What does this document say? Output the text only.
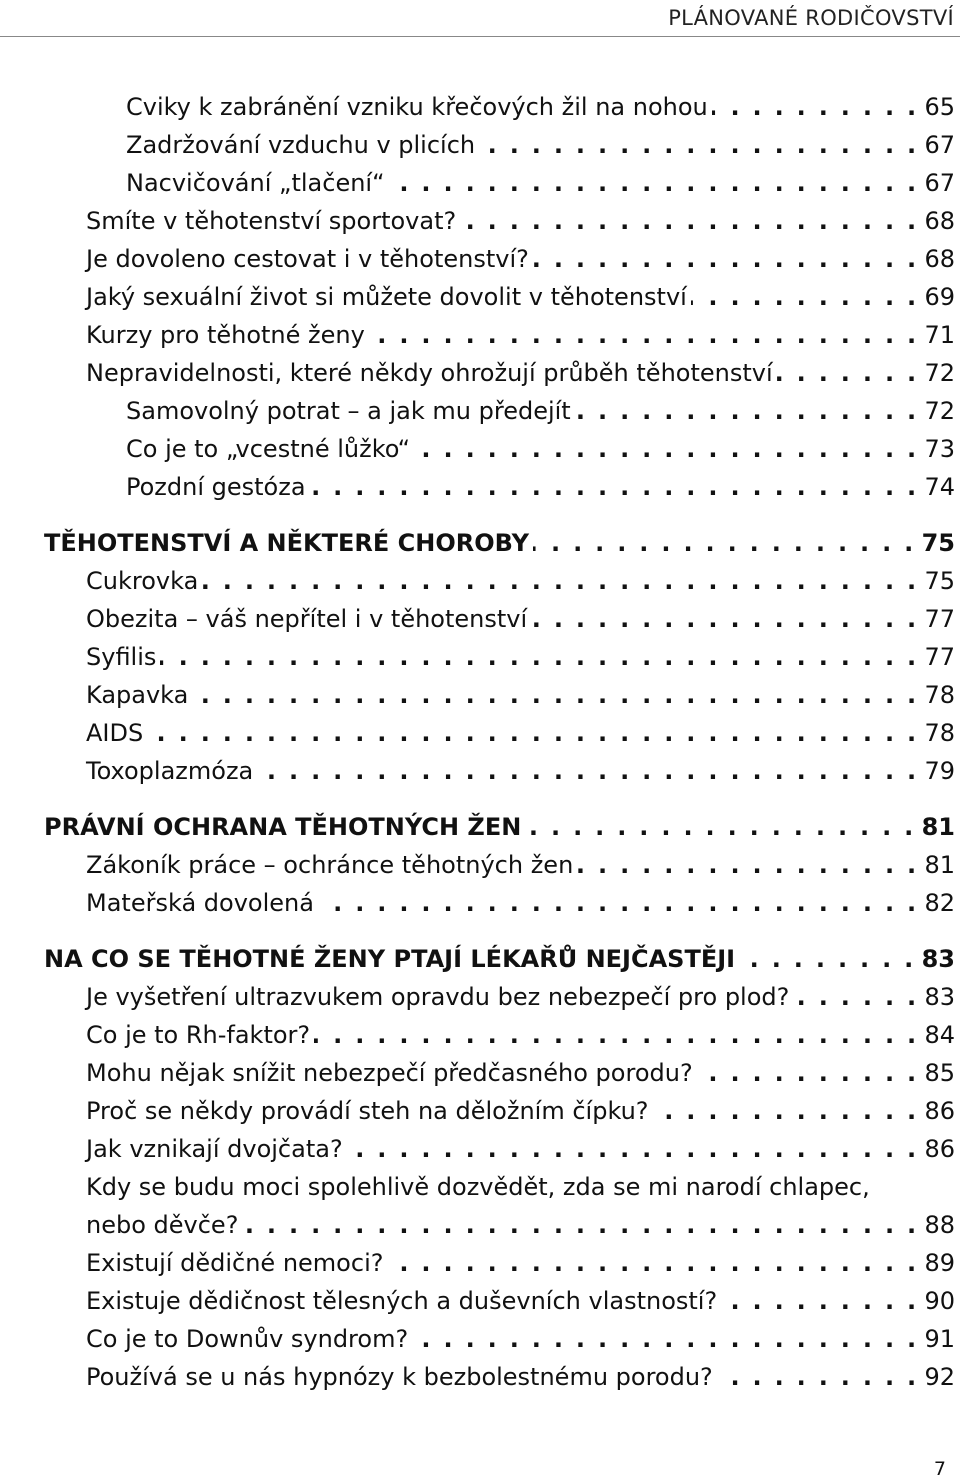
PLÁNOVANÉ RODIČOVSTVÍ
Cviky k zabránění vzniku křečových žil na nohou . . .	65
Zadržování vzduchu v plicích . . .	67
Nacvičování „tlačení“ . . .	67
Smíte v těhotenství sportovat? . . .	68
Je dovoleno cestovat i v těhotenství? . . .	68
Jaký sexuální život si můžete dovolit v těhotenství . . .	69
Kurzy pro těhotné ženy . . .	71
Nepravidelnosti, které někdy ohrožují průběh těhotenství . . .	72
Samovolný potrat – a jak mu předejít . . .	72
Co je to „vcestné lůžko“ . . .	73
Pozdní gestóza . . .	74
TĚHOTENSTVÍ A NĚKTERÉ CHOROBY . . .	75
Cukrovka . . .	75
Obezita – váš nepřítel i v těhotenství . . .	77
Syfilis . . .	77
Kapavka . . .	78
AIDS . . .	78
Toxoplazmóza . . .	79
PRÁVNÍ OCHRANA TĚHOTNÝCH ŽEN . . .	81
Zákoník práce – ochránce těhotných žen . . .	81
Mateřská dovolená . . .	82
NA CO SE TĚHOTNÉ ŽENY PTAJÍ LÉKAŘŮ NEJČASTĚJI . . .	83
Je vyšetření ultrazvukem opravdu bez nebezpečí pro plod? . . .	83
Co je to Rh-faktor? . . .	84
Mohu nějak snížit nebezpečí předčasného porodu? . . .	85
Proč se někdy provádí steh na děložním čípku? . . .	86
Jak vznikají dvojčata? . . .	86
Kdy se budu moci spolehlivě dozvědět, zda se mi narodí chlapec,
nebo děvče? . . .	88
Existují dědičné nemoci? . . .	89
Existuje dědičnost tělesných a duševních vlastností? . . .	90
Co je to Downův syndrom? . . .	91
Používá se u nás hypnózy k bezbolestnému porodu? . . .	92
7
